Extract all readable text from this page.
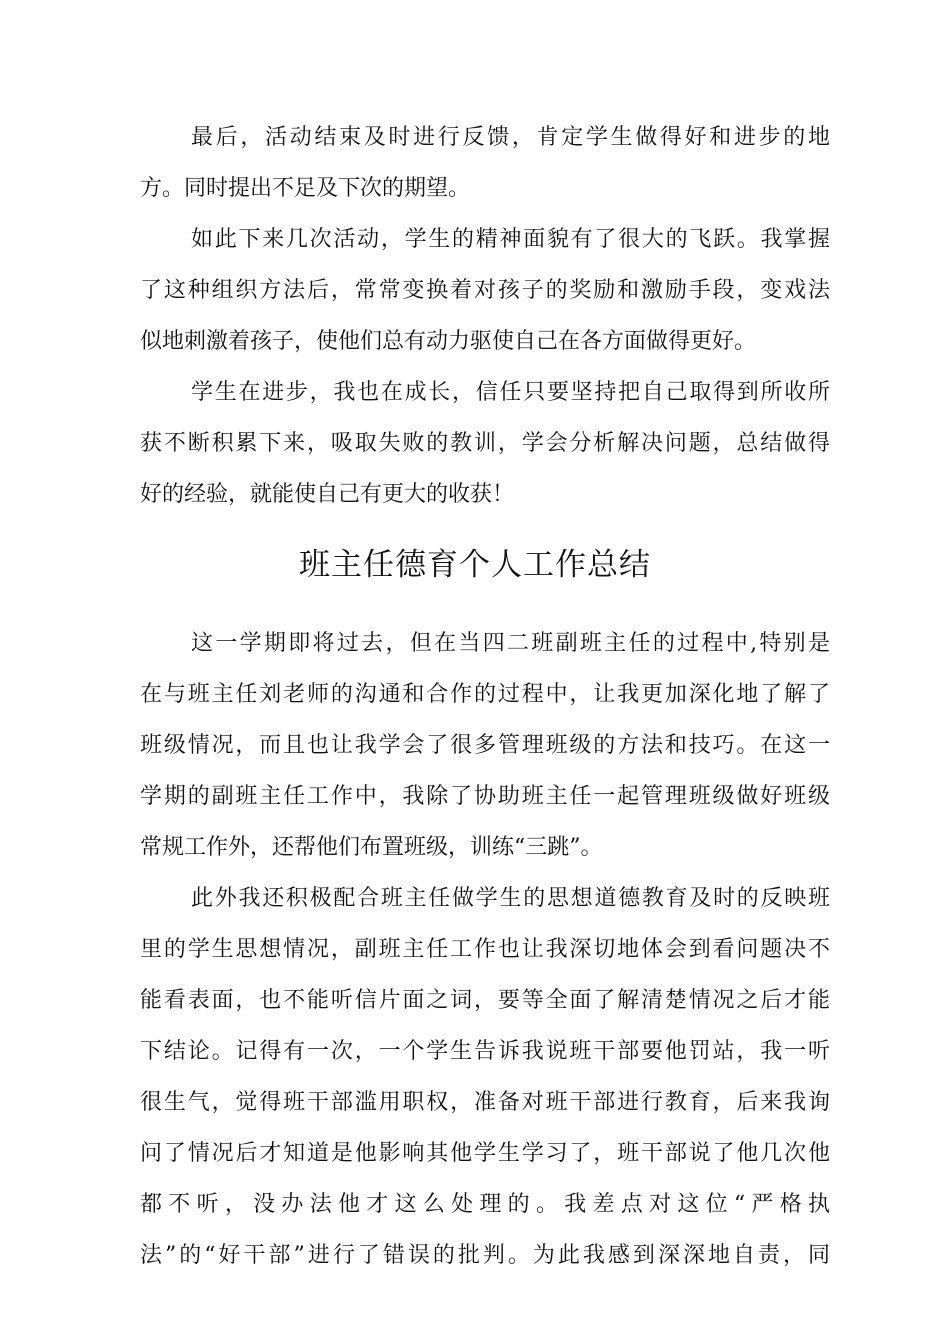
最后，活动结束及时进行反馈，肯定学生做得好和进步的地
方。同时提出不足及下次的期望。
如此下来几次活动，学生的精神面貌有了很大的飞跃。我掌握
了这种组织方法后，常常变换着对孩子的奖励和激励手段，变戏法
似地刺激着孩子，使他们总有动力驱使自己在各方面做得更好。
学生在进步，我也在成长，信任只要坚持把自己取得到所收所
获不断积累下来，吸取失败的教训，学会分析解决问题，总结做得
好的经验，就能使自己有更大的收获！
班主任德育个人工作总结
这一学期即将过去，但在当四二班副班主任的过程中,特别是
在与班主任刘老师的沟通和合作的过程中，让我更加深化地了解了
班级情况，而且也让我学会了很多管理班级的方法和技巧。在这一
学期的副班主任工作中，我除了协助班主任一起管理班级做好班级
常规工作外，还帮他们布置班级，训练“三跳”。
此外我还积极配合班主任做学生的思想道德教育及时的反映班
里的学生思想情况，副班主任工作也让我深切地体会到看问题决不
能看表面，也不能听信片面之词，要等全面了解清楚情况之后才能
下结论。记得有一次，一个学生告诉我说班干部要他罚站，我一听
很生气，觉得班干部滥用职权，准备对班干部进行教育，后来我询
问了情况后才知道是他影响其他学生学习了，班干部说了他几次他
都不听，没办法他才这么处理的。我差点对这位“严格执
法”的“好干部”进行了错误的批判。为此我感到深深地自责，同
